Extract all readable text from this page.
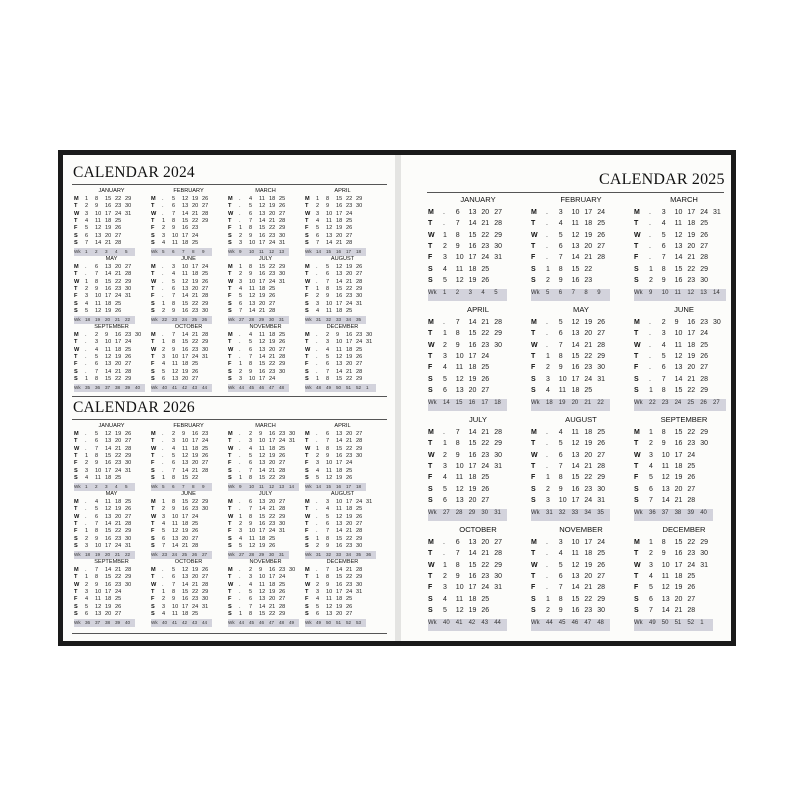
CALENDAR 2024
JANUARY
M 1 8 15 22 29
T 2 9 16 23 30
W 3 10 17 24 31
T 4 11 18 25
F 5 12 19 26
S 6 13 20 27
S 7 14 21 28
Wk 1 2 3 4 5
FEBRUARY
M . 5 12 19 26
T . 6 13 20 27
W . 7 14 21 28
T 1 8 15 22 29
F 2 9 16 23
S 3 10 17 24
S 4 11 18 25
Wk 5 6 7 8 9
MARCH
M . 4 11 18 25
T . 5 12 19 26
W . 6 13 20 27
T . 7 14 21 28
F 1 8 15 22 29
S 2 9 16 23 30
S 3 10 17 24 31
Wk 9 10 11 12 13
APRIL
M 1 8 15 22 29
T 2 9 16 23 30
W 3 10 17 24
T 4 11 18 25
F 5 12 19 26
S 6 13 20 27
S 7 14 21 28
Wk 14 15 16 17 18
MAY
M . 6 13 20 27
T . 7 14 21 28
W 1 8 15 22 29
T 2 9 16 23 30
F 3 10 17 24 31
S 4 11 18 25
S 5 12 19 26
Wk 18 19 20 21 22
JUNE
M . 3 10 17 24
T . 4 11 18 25
W . 5 12 19 26
T . 6 13 20 27
F . 7 14 21 28
S 1 8 15 22 29
S 2 9 16 23 30
Wk 22 23 24 25 26
JULY
M 1 8 15 22 29
T 2 9 16 23 30
W 3 10 17 24 31
T 4 11 18 25
F 5 12 19 26
S 6 13 20 27
S 7 14 21 28
Wk 27 28 29 30 31
AUGUST
M . 5 12 19 26
T . 6 13 20 27
W . 7 14 21 28
T 1 8 15 22 29
F 2 9 16 23 30
S 3 10 17 24 31
S 4 11 18 25
Wk 31 32 33 34 35
SEPTEMBER
M . 2 9 16 23 30
T . 3 10 17 24
W . 4 11 18 25
T . 5 12 19 26
F . 6 13 20 27
S . 7 14 21 28
S 1 8 15 22 29
Wk 35 36 37 38 39 40
OCTOBER
M . 7 14 21 28
T 1 8 15 22 29
W 2 9 16 23 30
T 3 10 17 24 31
F 4 11 18 25
S 5 12 19 26
S 6 13 20 27
Wk 40 41 42 43 44
NOVEMBER
M . 4 11 18 25
T . 5 12 19 26
W . 6 13 20 27
T . 7 14 21 28
F 1 8 15 22 29
S 2 9 16 23 30
S 3 10 17 24
Wk 44 45 46 47 48
DECEMBER
M . 2 9 16 23 30
T . 3 10 17 24 31
W . 4 11 18 25
T . 5 12 19 26
F . 6 13 20 27
S . 7 14 21 28
S 1 8 15 22 29
Wk 48 49 50 51 52 1
CALENDAR 2026
JANUARY
M . 5 12 19 26
T . 6 13 20 27
W . 7 14 21 28
T 1 8 15 22 29
F 2 9 16 23 30
S 3 10 17 24 31
S 4 11 18 25
Wk 1 2 3 4 5
FEBRUARY
M . 2 9 16 23
T . 3 10 17 24
W . 4 11 18 25
T . 5 12 19 26
F . 6 13 20 27
S . 7 14 21 28
S 1 8 15 22
Wk 5 6 7 8 9
MARCH
M . 2 9 16 23 30
T . 3 10 17 24 31
W . 4 11 18 25
T . 5 12 19 26
F . 6 13 20 27
S . 7 14 21 28
S 1 8 15 22 29
Wk 9 10 11 12 13 14
APRIL
M . 6 13 20 27
T . 7 14 21 28
W 1 8 15 22 29
T 2 9 16 23 30
F 3 10 17 24
S 4 11 18 25
S 5 12 19 26
Wk 14 15 16 17 18
MAY
M . 4 11 18 25
T . 5 12 19 26
W . 6 13 20 27
T . 7 14 21 28
F 1 8 15 22 29
S 2 9 16 23 30
S 3 10 17 24 31
Wk 18 19 20 21 22
JUNE
M 1 8 15 22 29
T 2 9 16 23 30
W 3 10 17 24
T 4 11 18 25
F 5 12 19 26
S 6 13 20 27
S 7 14 21 28
Wk 23 24 25 26 27
JULY
M . 6 13 20 27
T . 7 14 21 28
W 1 8 15 22 29
T 2 9 16 23 30
F 3 10 17 24 31
S 4 11 18 25
S 5 12 19 26
Wk 27 28 29 30 31
AUGUST
M . 3 10 17 24 31
T . 4 11 18 25
W . 5 12 19 26
T . 6 13 20 27
F . 7 14 21 28
S 1 8 15 22 29
S 2 9 16 23 30
Wk 31 32 33 34 35 36
SEPTEMBER
M . 7 14 21 28
T 1 8 15 22 29
W 2 9 16 23 30
T 3 10 17 24
F 4 11 18 25
S 5 12 19 26
S 6 13 20 27
Wk 36 37 38 39 40
OCTOBER
M . 5 12 19 26
T . 6 13 20 27
W . 7 14 21 28
T 1 8 15 22 29
F 2 9 16 23 30
S 3 10 17 24 31
S 4 11 18 25
Wk 40 41 42 43 44
NOVEMBER
M . 2 9 16 23 30
T . 3 10 17 24
W . 4 11 18 25
T . 5 12 19 26
F . 6 13 20 27
S . 7 14 21 28
S 1 8 15 22 29
Wk 44 45 46 47 48 49
DECEMBER
M . 7 14 21 28
T 1 8 15 22 29
W 2 9 16 23 30
T 3 10 17 24 31
F 4 11 18 25
S 5 12 19 26
S 6 13 20 27
Wk 49 50 51 52 53
CALENDAR 2025
JANUARY
M . 6 13 20 27
T . 7 14 21 28
W 1 8 15 22 29
T 2 9 16 23 30
F 3 10 17 24 31
S 4 11 18 25
S 5 12 19 26
Wk 1 2 3 4 5
FEBRUARY
M . 3 10 17 24
T . 4 11 18 25
W . 5 12 19 26
T . 6 13 20 27
F . 7 14 21 28
S 1 8 15 22
S 2 9 16 23
Wk 5 6 7 8 9
MARCH
M . 3 10 17 24 31
T . 4 11 18 25
W . 5 12 19 26
T . 6 13 20 27
F . 7 14 21 28
S 1 8 15 22 29
S 2 9 16 23 30
Wk 9 10 11 12 13 14
APRIL
M . 7 14 21 28
T 1 8 15 22 29
W 2 9 16 23 30
T 3 10 17 24
F 4 11 18 25
S 5 12 19 26
S 6 13 20 27
Wk 14 15 16 17 18
MAY
M . 5 12 19 26
T . 6 13 20 27
W . 7 14 21 28
T 1 8 15 22 29
F 2 9 16 23 30
S 3 10 17 24 31
S 4 11 18 25
Wk 18 19 20 21 22
JUNE
M . 2 9 16 23 30
T . 3 10 17 24
W . 4 11 18 25
T . 5 12 19 26
F . 6 13 20 27
S . 7 14 21 28
S 1 8 15 22 29
Wk 22 23 24 25 26 27
JULY
M . 7 14 21 28
T 1 8 15 22 29
W 2 9 16 23 30
T 3 10 17 24 31
F 4 11 18 25
S 5 12 19 26
S 6 13 20 27
Wk 27 28 29 30 31
AUGUST
M . 4 11 18 25
T . 5 12 19 26
W . 6 13 20 27
T . 7 14 21 28
F 1 8 15 22 29
S 2 9 16 23 30
S 3 10 17 24 31
Wk 31 32 33 34 35
SEPTEMBER
M 1 8 15 22 29
T 2 9 16 23 30
W 3 10 17 24
T 4 11 18 25
F 5 12 19 26
S 6 13 20 27
S 7 14 21 28
Wk 36 37 38 39 40
OCTOBER
M . 6 13 20 27
T . 7 14 21 28
W 1 8 15 22 29
T 2 9 16 23 30
F 3 10 17 24 31
S 4 11 18 25
S 5 12 19 26
Wk 40 41 42 43 44
NOVEMBER
M . 3 10 17 24
T . 4 11 18 25
W . 5 12 19 26
T . 6 13 20 27
F . 7 14 21 28
S 1 8 15 22 29
S 2 9 16 23 30
Wk 44 45 46 47 48
DECEMBER
M 1 8 15 22 29
T 2 9 16 23 30
W 3 10 17 24 31
T 4 11 18 25
F 5 12 19 26
S 6 13 20 27
S 7 14 21 28
Wk 49 50 51 52 1
